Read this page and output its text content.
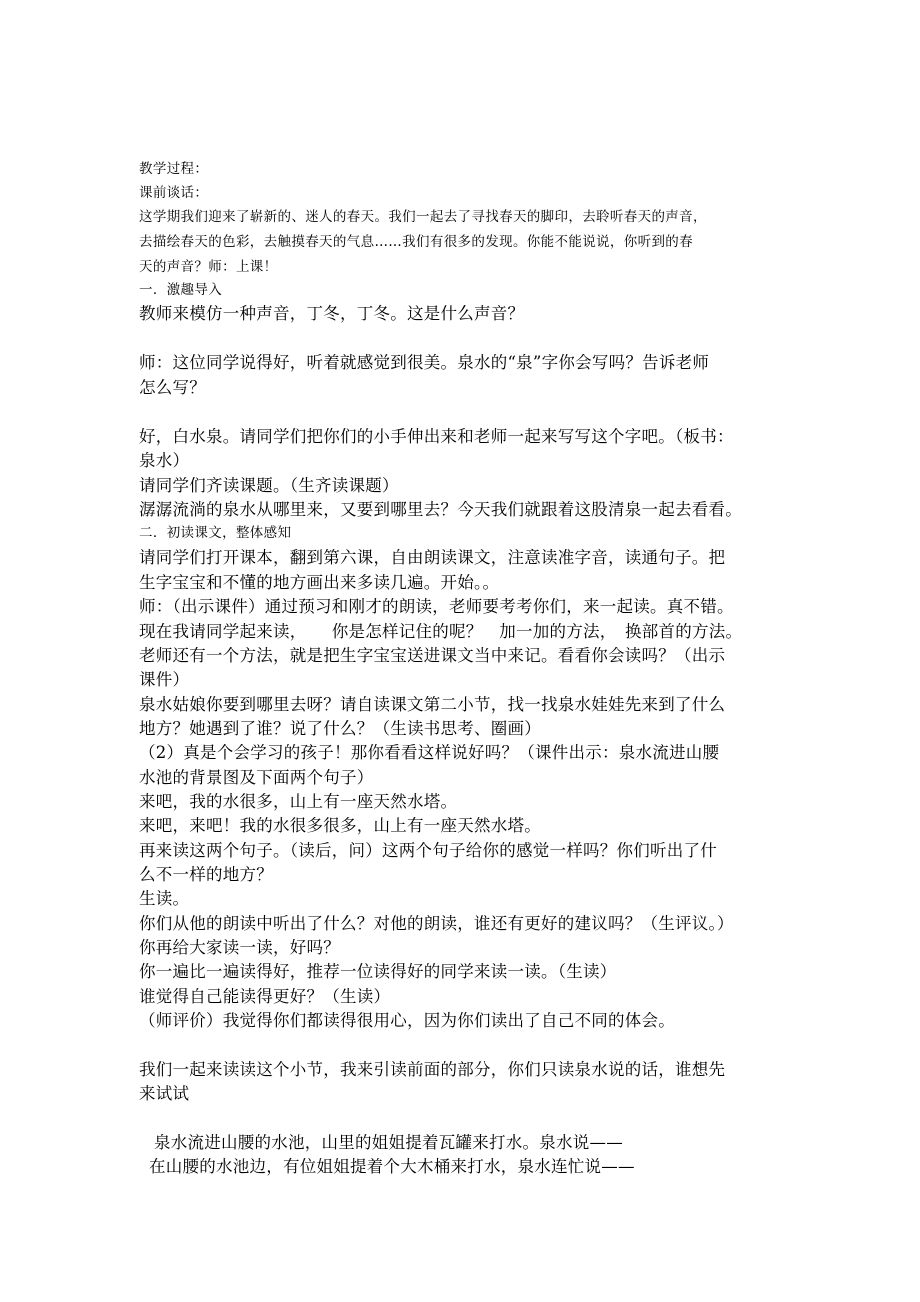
教学过程：
课前谈话：
这学期我们迎来了崭新的、迷人的春天。我们一起去了寻找春天的脚印，去聆听春天的声音，
去描绘春天的色彩，去触摸春天的气息……我们有很多的发现。你能不能说说，你听到的春
天的声音？师：上课！
一．激趣导入
教师来模仿一种声音，丁冬，丁冬。这是什么声音？
师：这位同学说得好，听着就感觉到很美。泉水的“泉”字你会写吗？告诉老师
怎么写？
好，白水泉。请同学们把你们的小手伸出来和老师一起来写写这个字吧。（板书：
泉水）
请同学们齐读课题。（生齐读课题）
潺潺流淌的泉水从哪里来，又要到哪里去？今天我们就跟着这股清泉一起去看看。
二．初读课文，整体感知
请同学们打开课本，翻到第六课，自由朗读课文，注意读准字音，读通句子。把
生字宝宝和不懂的地方画出来多读几遍。开始。。
师：（出示课件）通过预习和刚才的朗读，老师要考考你们，来一起读。真不错。
现在我请同学起来读，　　你是怎样记住的呢？　加一加的方法，　换部首的方法。
老师还有一个方法，就是把生字宝宝送进课文当中来记。看看你会读吗？（出示
课件）
泉水姑娘你要到哪里去呀？请自读课文第二小节，找一找泉水娃娃先来到了什么
地方？她遇到了谁？说了什么？（生读书思考、圈画）
（2）真是个会学习的孩子！那你看看这样说好吗？（课件出示：泉水流进山腰
水池的背景图及下面两个句子）
来吧，我的水很多，山上有一座天然水塔。
来吧，来吧！我的水很多很多，山上有一座天然水塔。
再来读这两个句子。（读后，问）这两个句子给你的感觉一样吗？你们听出了什
么不一样的地方？
生读。
你们从他的朗读中听出了什么？对他的朗读，谁还有更好的建议吗？（生评议。）
你再给大家读一读，好吗？
你一遍比一遍读得好，推荐一位读得好的同学来读一读。（生读）
谁觉得自己能读得更好？（生读）
（师评价）我觉得你们都读得很用心，因为你们读出了自己不同的体会。
我们一起来读读这个小节，我来引读前面的部分，你们只读泉水说的话，谁想先
来试试
泉水流进山腰的水池，山里的姐姐提着瓦罐来打水。泉水说——
在山腰的水池边，有位姐姐提着个大木桶来打水，泉水连忙说——
